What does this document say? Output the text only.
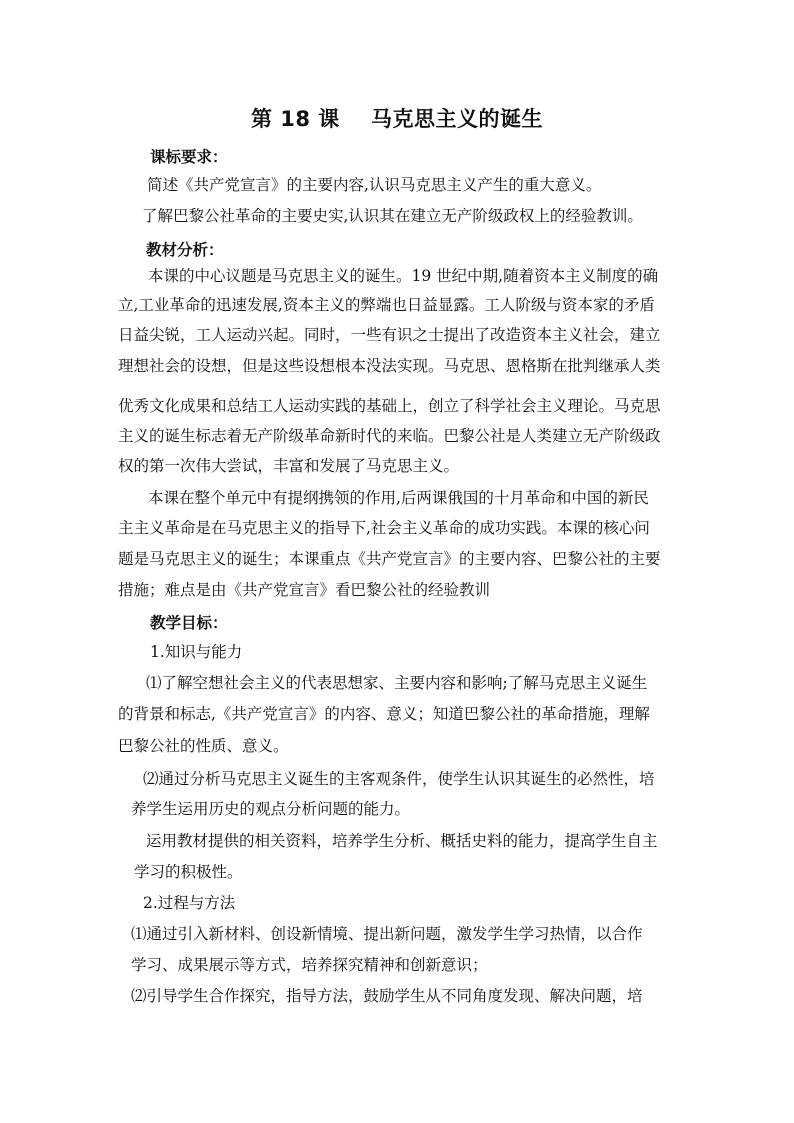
第 18 课    马克思主义的诞生
课标要求：
简述《共产党宣言》的主要内容,认识马克思主义产生的重大意义。
了解巴黎公社革命的主要史实,认识其在建立无产阶级政权上的经验教训。
教材分析：
本课的中心议题是马克思主义的诞生。19 世纪中期,随着资本主义制度的确
立,工业革命的迅速发展,资本主义的弊端也日益显露。工人阶级与资本家的矛盾
日益尖锐，工人运动兴起。同时，一些有识之士提出了改造资本主义社会，建立
理想社会的设想，但是这些设想根本没法实现。马克思、恩格斯在批判继承人类
优秀文化成果和总结工人运动实践的基础上，创立了科学社会主义理论。马克思
主义的诞生标志着无产阶级革命新时代的来临。巴黎公社是人类建立无产阶级政
权的第一次伟大尝试，丰富和发展了马克思主义。
本课在整个单元中有提纲携领的作用,后两课俄国的十月革命和中国的新民
主主义革命是在马克思主义的指导下,社会主义革命的成功实践。本课的核心问
题是马克思主义的诞生；本课重点《共产党宣言》的主要内容、巴黎公社的主要
措施；难点是由《共产党宣言》看巴黎公社的经验教训
教学目标：
1.知识与能力
⑴了解空想社会主义的代表思想家、主要内容和影响;了解马克思主义诞生
的背景和标志,《共产党宣言》的内容、意义；知道巴黎公社的革命措施，理解
巴黎公社的性质、意义。
⑵通过分析马克思主义诞生的主客观条件，使学生认识其诞生的必然性，培
养学生运用历史的观点分析问题的能力。
运用教材提供的相关资料，培养学生分析、概括史料的能力，提高学生自主
学习的积极性。
2.过程与方法
⑴通过引入新材料、创设新情境、提出新问题，激发学生学习热情，以合作
学习、成果展示等方式，培养探究精神和创新意识；
⑵引导学生合作探究，指导方法，鼓励学生从不同角度发现、解决问题，培
